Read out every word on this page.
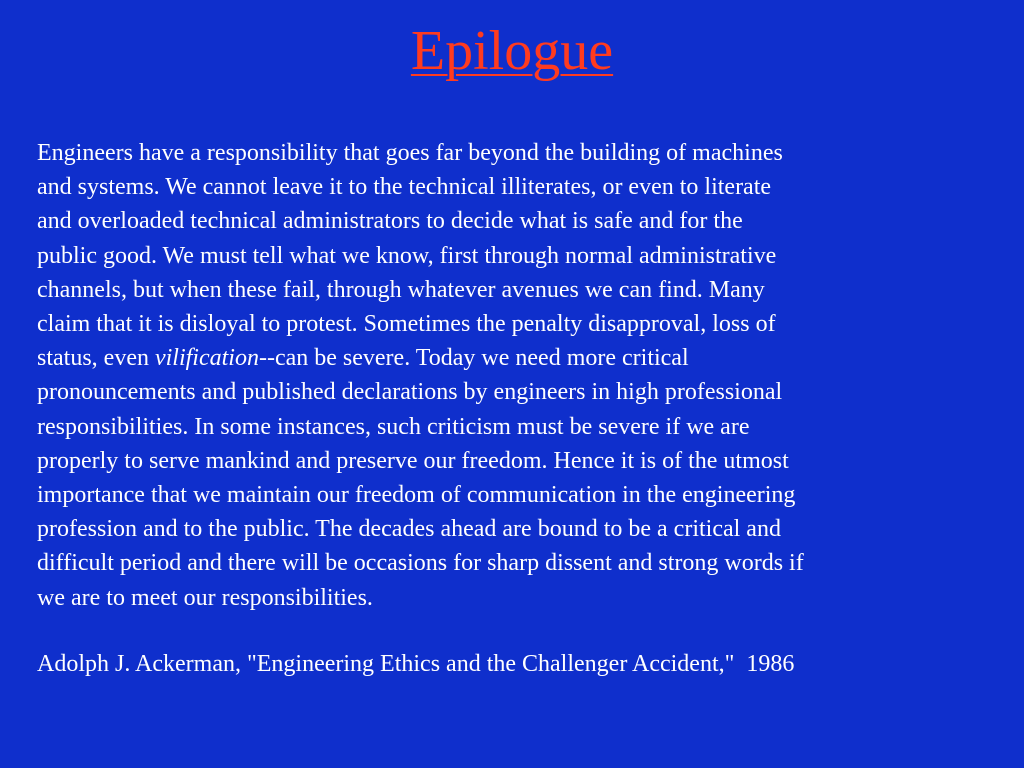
Epilogue
Engineers have a responsibility that goes far beyond the building of machines
and systems. We cannot leave it to the technical illiterates, or even to literate
and overloaded technical administrators to decide what is safe and for the
public good. We must tell what we know, first through normal administrative
channels, but when these fail, through whatever avenues we can find. Many
claim that it is disloyal to protest. Sometimes the penalty disapproval, loss of
status, even vilification--can be severe. Today we need more critical
pronouncements and published declarations by engineers in high professional
responsibilities. In some instances, such criticism must be severe if we are
properly to serve mankind and preserve our freedom. Hence it is of the utmost
importance that we maintain our freedom of communication in the engineering
profession and to the public. The decades ahead are bound to be a critical and
difficult period and there will be occasions for sharp dissent and strong words if
we are to meet our responsibilities.

Adolph J. Ackerman, "Engineering Ethics and the Challenger Accident,"  1986
